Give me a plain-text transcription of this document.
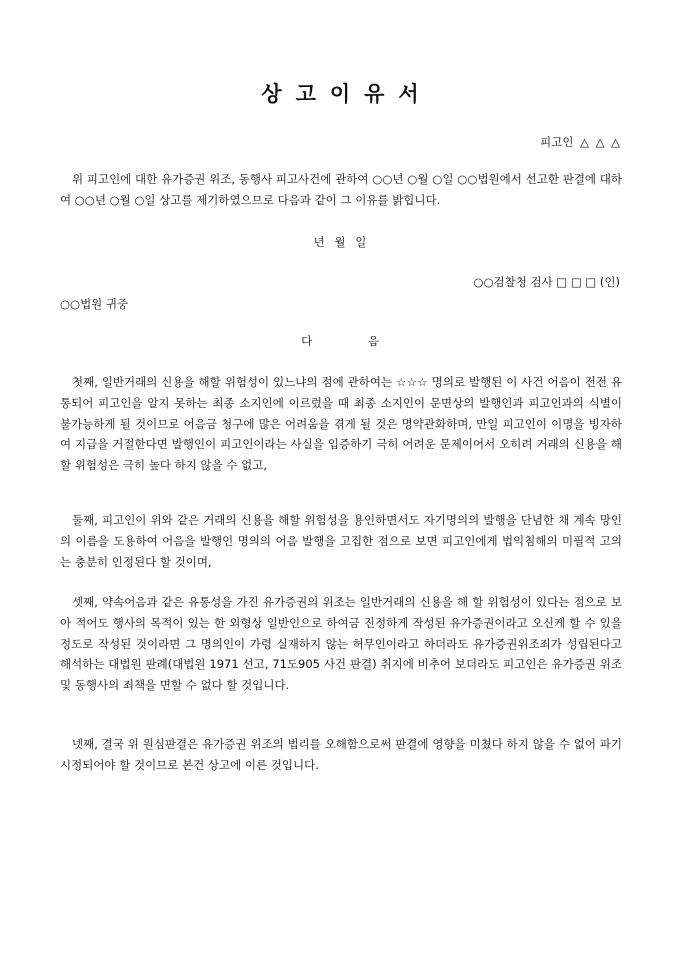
상고이유서
피고인 △ △ △
위 피고인에 대한 유가증권 위조, 동행사 피고사건에 관하여 ○○년 ○월 ○일 ○○법원에서 선고한 판결에 대하여 ○○년 ○월 ○일 상고를 제기하였으므로 다음과 같이 그 이유를 밝힙니다.
년 월 일
○○검찰청 검사 □ □ □ (인)
○○법원 귀중
다 음
첫째, 일반거래의 신용을 해할 위험성이 있느냐의 점에 관하여는 ☆☆☆ 명의로 발행된 이 사건 어음이 전전 유통되어 피고인을 알지 못하는 최종 소지인에 이르렀을 때 최종 소지인이 문면상의 발행인과 피고인과의 식별이 불가능하게 될 것이므로 어음금 청구에 많은 어려움을 겪게 될 것은 명약관화하며, 만일 피고인이 이명을 빙자하여 지급을 거절한다면 발행인이 피고인이라는 사실을 입증하기 극히 어려운 문제이어서 오히려 거래의 신용을 해할 위험성은 극히 높다 하지 않을 수 없고,
둘째, 피고인이 위와 같은 거래의 신용을 해할 위험성을 용인하면서도 자기명의의 발행을 단념한 채 계속 망인의 이름을 도용하여 어음을 발행인 명의의 어음 발행을 고집한 점으로 보면 피고인에게 법익침해의 미필적 고의는 충분히 인정된다 할 것이며,
셋째, 약속어음과 같은 유통성을 가진 유가증권의 위조는 일반거래의 신용을 해 할 위험성이 있다는 점으로 보아 적어도 행사의 목적이 있는 한 외형상 일반인으로 하여금 진정하게 작성된 유가증권이라고 오신케 할 수 있을 정도로 작성된 것이라면 그 명의인이 가령 실재하지 않는 허무인이라고 하더라도 유가증권위조죄가 성립된다고 해석하는 대법원 판례(대법원 1971 선고, 71도905 사건 판결) 취지에 비추어 보더라도 피고인은 유가증권 위조 및 동행사의 죄책을 면할 수 없다 할 것입니다.
넷째, 결국 위 원심판결은 유가증권 위조의 법리를 오해함으로써 판결에 영향을 미쳤다 하지 않을 수 없어 파기시정되어야 할 것이므로 본건 상고에 이른 것입니다.
